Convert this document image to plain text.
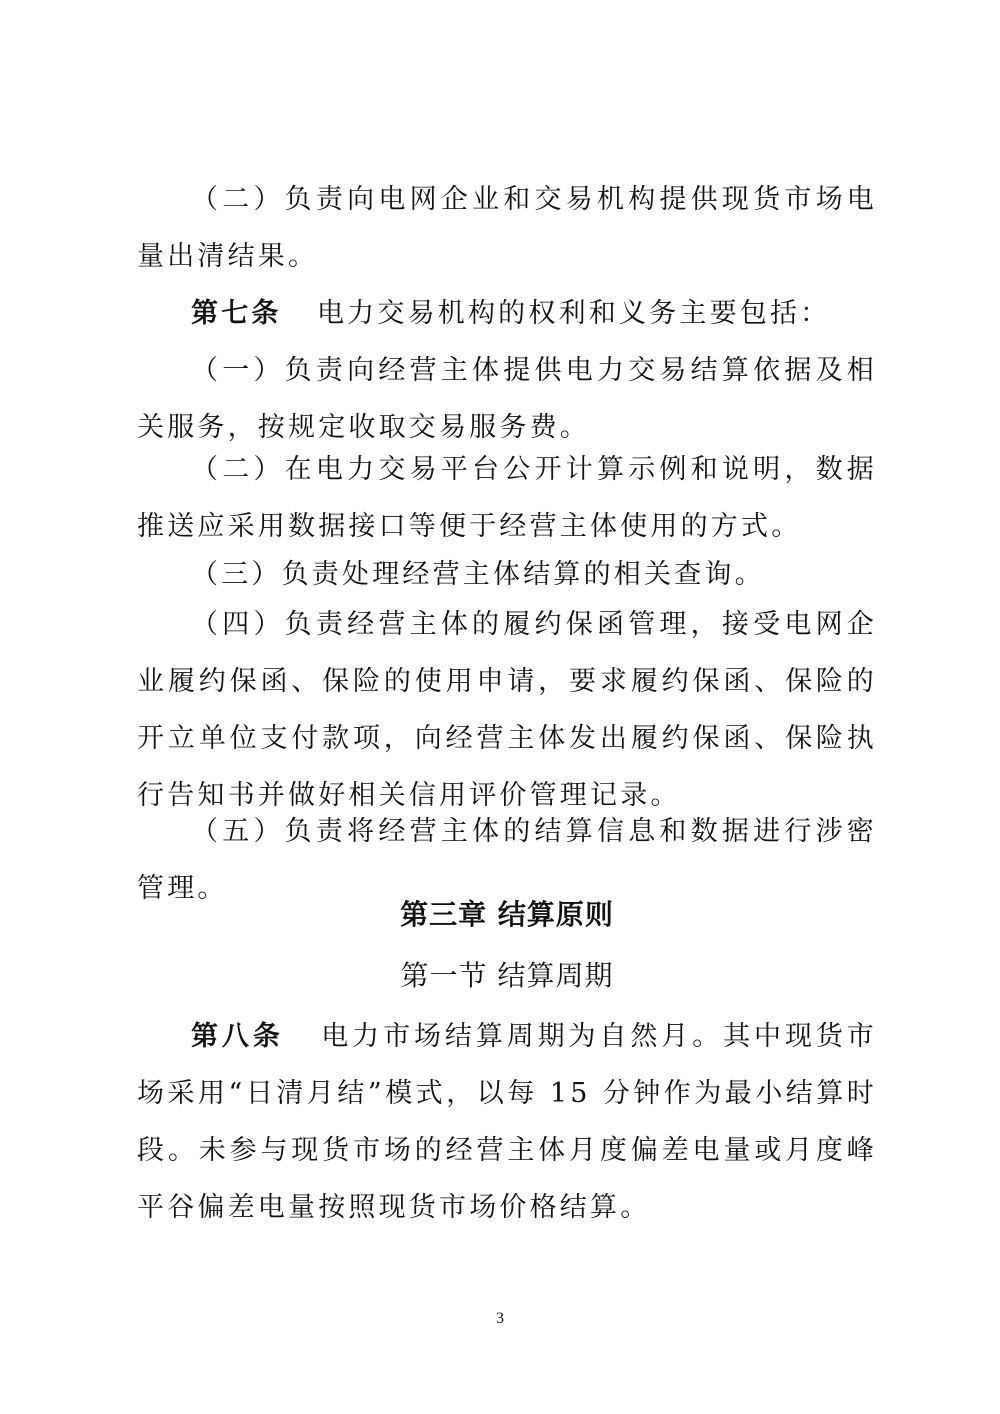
（二）负责向电网企业和交易机构提供现货市场电量出清结果。

第七条 电力交易机构的权利和义务主要包括：

（一）负责向经营主体提供电力交易结算依据及相关服务，按规定收取交易服务费。

（二）在电力交易平台公开计算示例和说明，数据推送应采用数据接口等便于经营主体使用的方式。

（三）负责处理经营主体结算的相关查询。

（四）负责经营主体的履约保函管理，接受电网企业履约保函、保险的使用申请，要求履约保函、保险的开立单位支付款项，向经营主体发出履约保函、保险执行告知书并做好相关信用评价管理记录。

（五）负责将经营主体的结算信息和数据进行涉密管理。

第三章 结算原则
第一节 结算周期

第八条 电力市场结算周期为自然月。其中现货市场采用“日清月结”模式，以每 15 分钟作为最小结算时段。未参与现货市场的经营主体月度偏差电量或月度峰平谷偏差电量按照现货市场价格结算。

3
